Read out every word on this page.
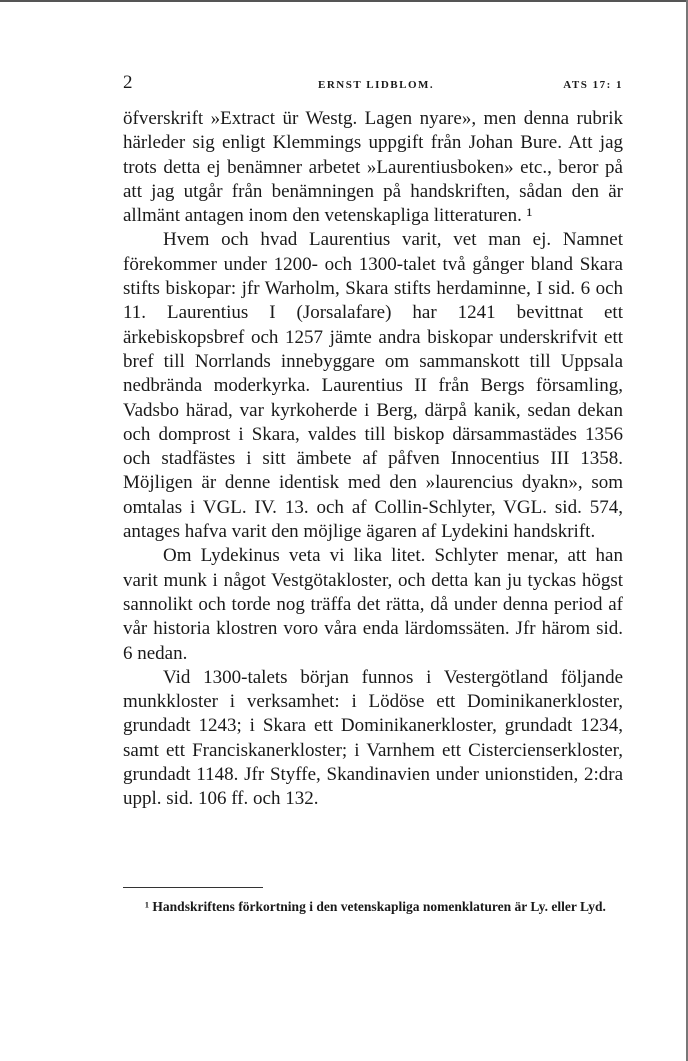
2	ERNST LIDBLOM.	ATS 17: 1

öfverskrift »Extract ür Westg. Lagen nyare», men denna rubrik härleder sig enligt Klemmings uppgift från Johan Bure. Att jag trots detta ej benämner arbetet »Laurentiusboken» etc., beror på att jag utgår från benämningen på handskriften, sådan den är allmänt antagen inom den vetenskapliga litteraturen. ¹

Hvem och hvad Laurentius varit, vet man ej. Namnet förekommer under 1200- och 1300-talet två gånger bland Skara stifts biskopar: jfr Warholm, Skara stifts herdaminne, I sid. 6 och 11. Laurentius I (Jorsalafare) har 1241 bevittnat ett ärkebiskopsbref och 1257 jämte andra biskopar underskrifvit ett bref till Norrlands innebyggare om sammanskott till Uppsala nedbrända moderkyrka. Laurentius II från Bergs församling, Vadsbo härad, var kyrkoherde i Berg, därpå kanik, sedan dekan och domprost i Skara, valdes till biskop därsammastädes 1356 och stadfästes i sitt ämbete af påfven Innocentius III 1358. Möjligen är denne identisk med den »laurencius dyakn», som omtalas i VGL. IV. 13. och af Collin-Schlyter, VGL. sid. 574, antages hafva varit den möjlige ägaren af Lydekini handskrift.

Om Lydekinus veta vi lika litet. Schlyter menar, att han varit munk i något Vestgötakloster, och detta kan ju tyckas högst sannolikt och torde nog träffa det rätta, då under denna period af vår historia klostren voro våra enda lärdomssäten. Jfr härom sid. 6 nedan.

Vid 1300-talets början funnos i Vestergötland följande munkkloster i verksamhet: i Lödöse ett Dominikanerkloster, grundadt 1243; i Skara ett Dominikanerkloster, grundadt 1234, samt ett Franciskanerkloster; i Varnhem ett Cistercienserkloster, grundadt 1148. Jfr Styffe, Skandinavien under unionstiden, 2:dra uppl. sid. 106 ff. och 132.

¹ Handskriftens förkortning i den vetenskapliga nomenklaturen är Ly. eller Lyd.
